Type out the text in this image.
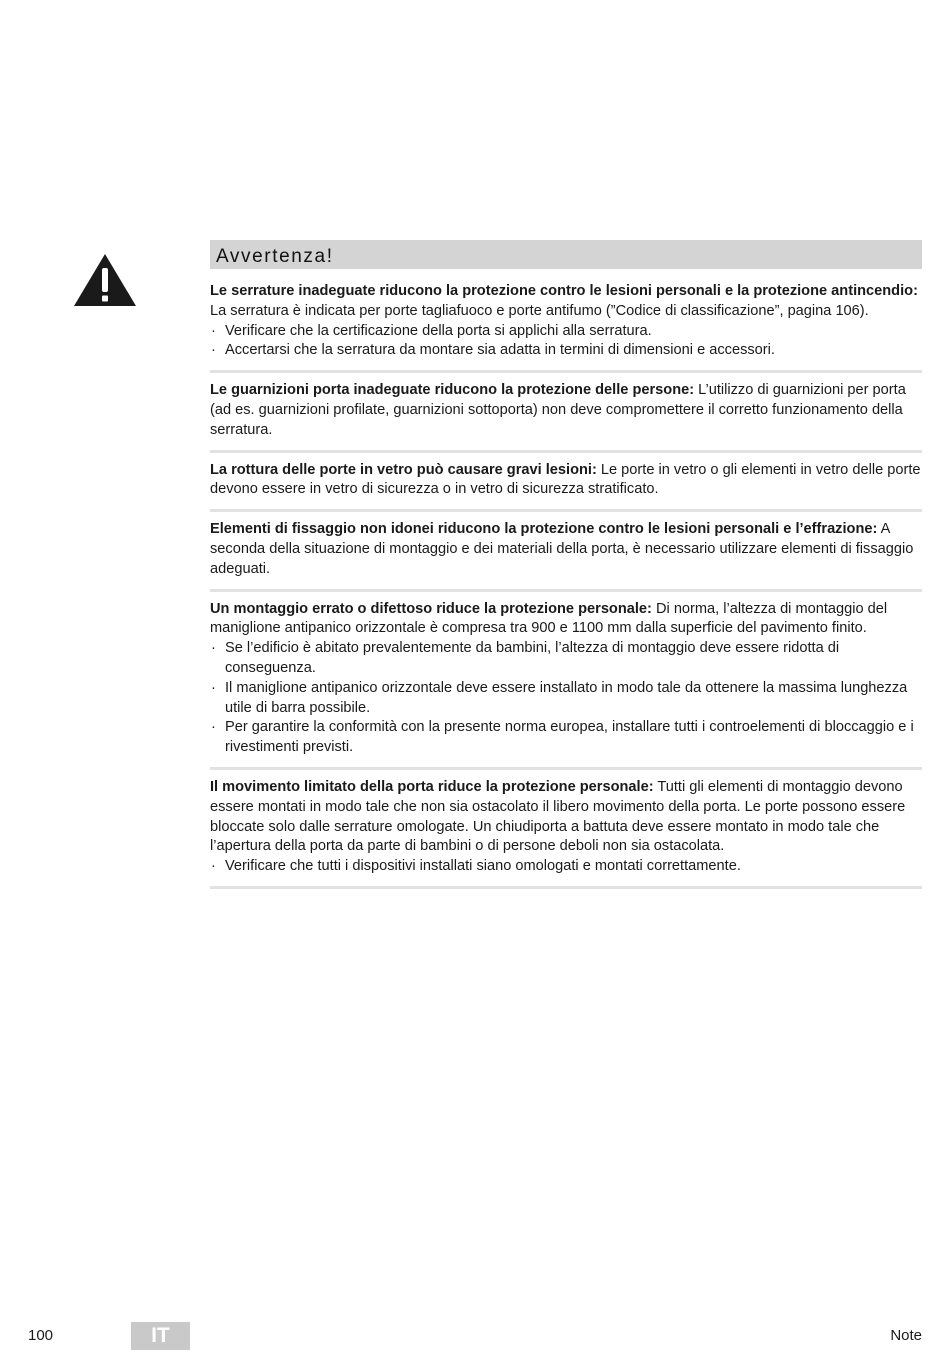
Avvertenza!

Le serrature inadeguate riducono la protezione contro le lesioni personali e la protezione antincendio: La serratura è indicata per porte tagliafuoco e porte antifumo (”Codice di classificazione”, pagina 106).

· Verificare che la certificazione della porta si applichi alla serratura.

· Accertarsi che la serratura da montare sia adatta in termini di dimensioni e accessori.

Le guarnizioni porta inadeguate riducono la protezione delle persone: L’utilizzo di guarnizioni per porta (ad es. guarnizioni profilate, guarnizioni sottoporta) non deve compromettere il corretto funzionamento della serratura.

La rottura delle porte in vetro può causare gravi lesioni: Le porte in vetro o gli elementi in vetro delle porte devono essere in vetro di sicurezza o in vetro di sicurezza stratificato.

Elementi di fissaggio non idonei riducono la protezione contro le lesioni personali e l’effrazione: A seconda della situazione di montaggio e dei materiali della porta, è necessario utilizzare elementi di fissaggio adeguati.

Un montaggio errato o difettoso riduce la protezione personale: Di norma, l’altezza di montaggio del maniglione antipanico orizzontale è compresa tra 900 e 1100 mm dalla superficie del pavimento finito.

· Se l’edificio è abitato prevalentemente da bambini, l’altezza di montaggio deve essere ridotta di conseguenza.

· Il maniglione antipanico orizzontale deve essere installato in modo tale da ottenere la massima lunghezza utile di barra possibile.

· Per garantire la conformità con la presente norma europea, installare tutti i controelementi di bloccaggio e i rivestimenti previsti.

Il movimento limitato della porta riduce la protezione personale: Tutti gli elementi di montaggio devono essere montati in modo tale che non sia ostacolato il libero movimento della porta. Le porte possono essere bloccate solo dalle serrature omologate. Un chiudiporta a battuta deve essere montato in modo tale che l’apertura della porta da parte di bambini o di persone deboli non sia ostacolata.

· Verificare che tutti i dispositivi installati siano omologati e montati correttamente.

100	IT	Note
